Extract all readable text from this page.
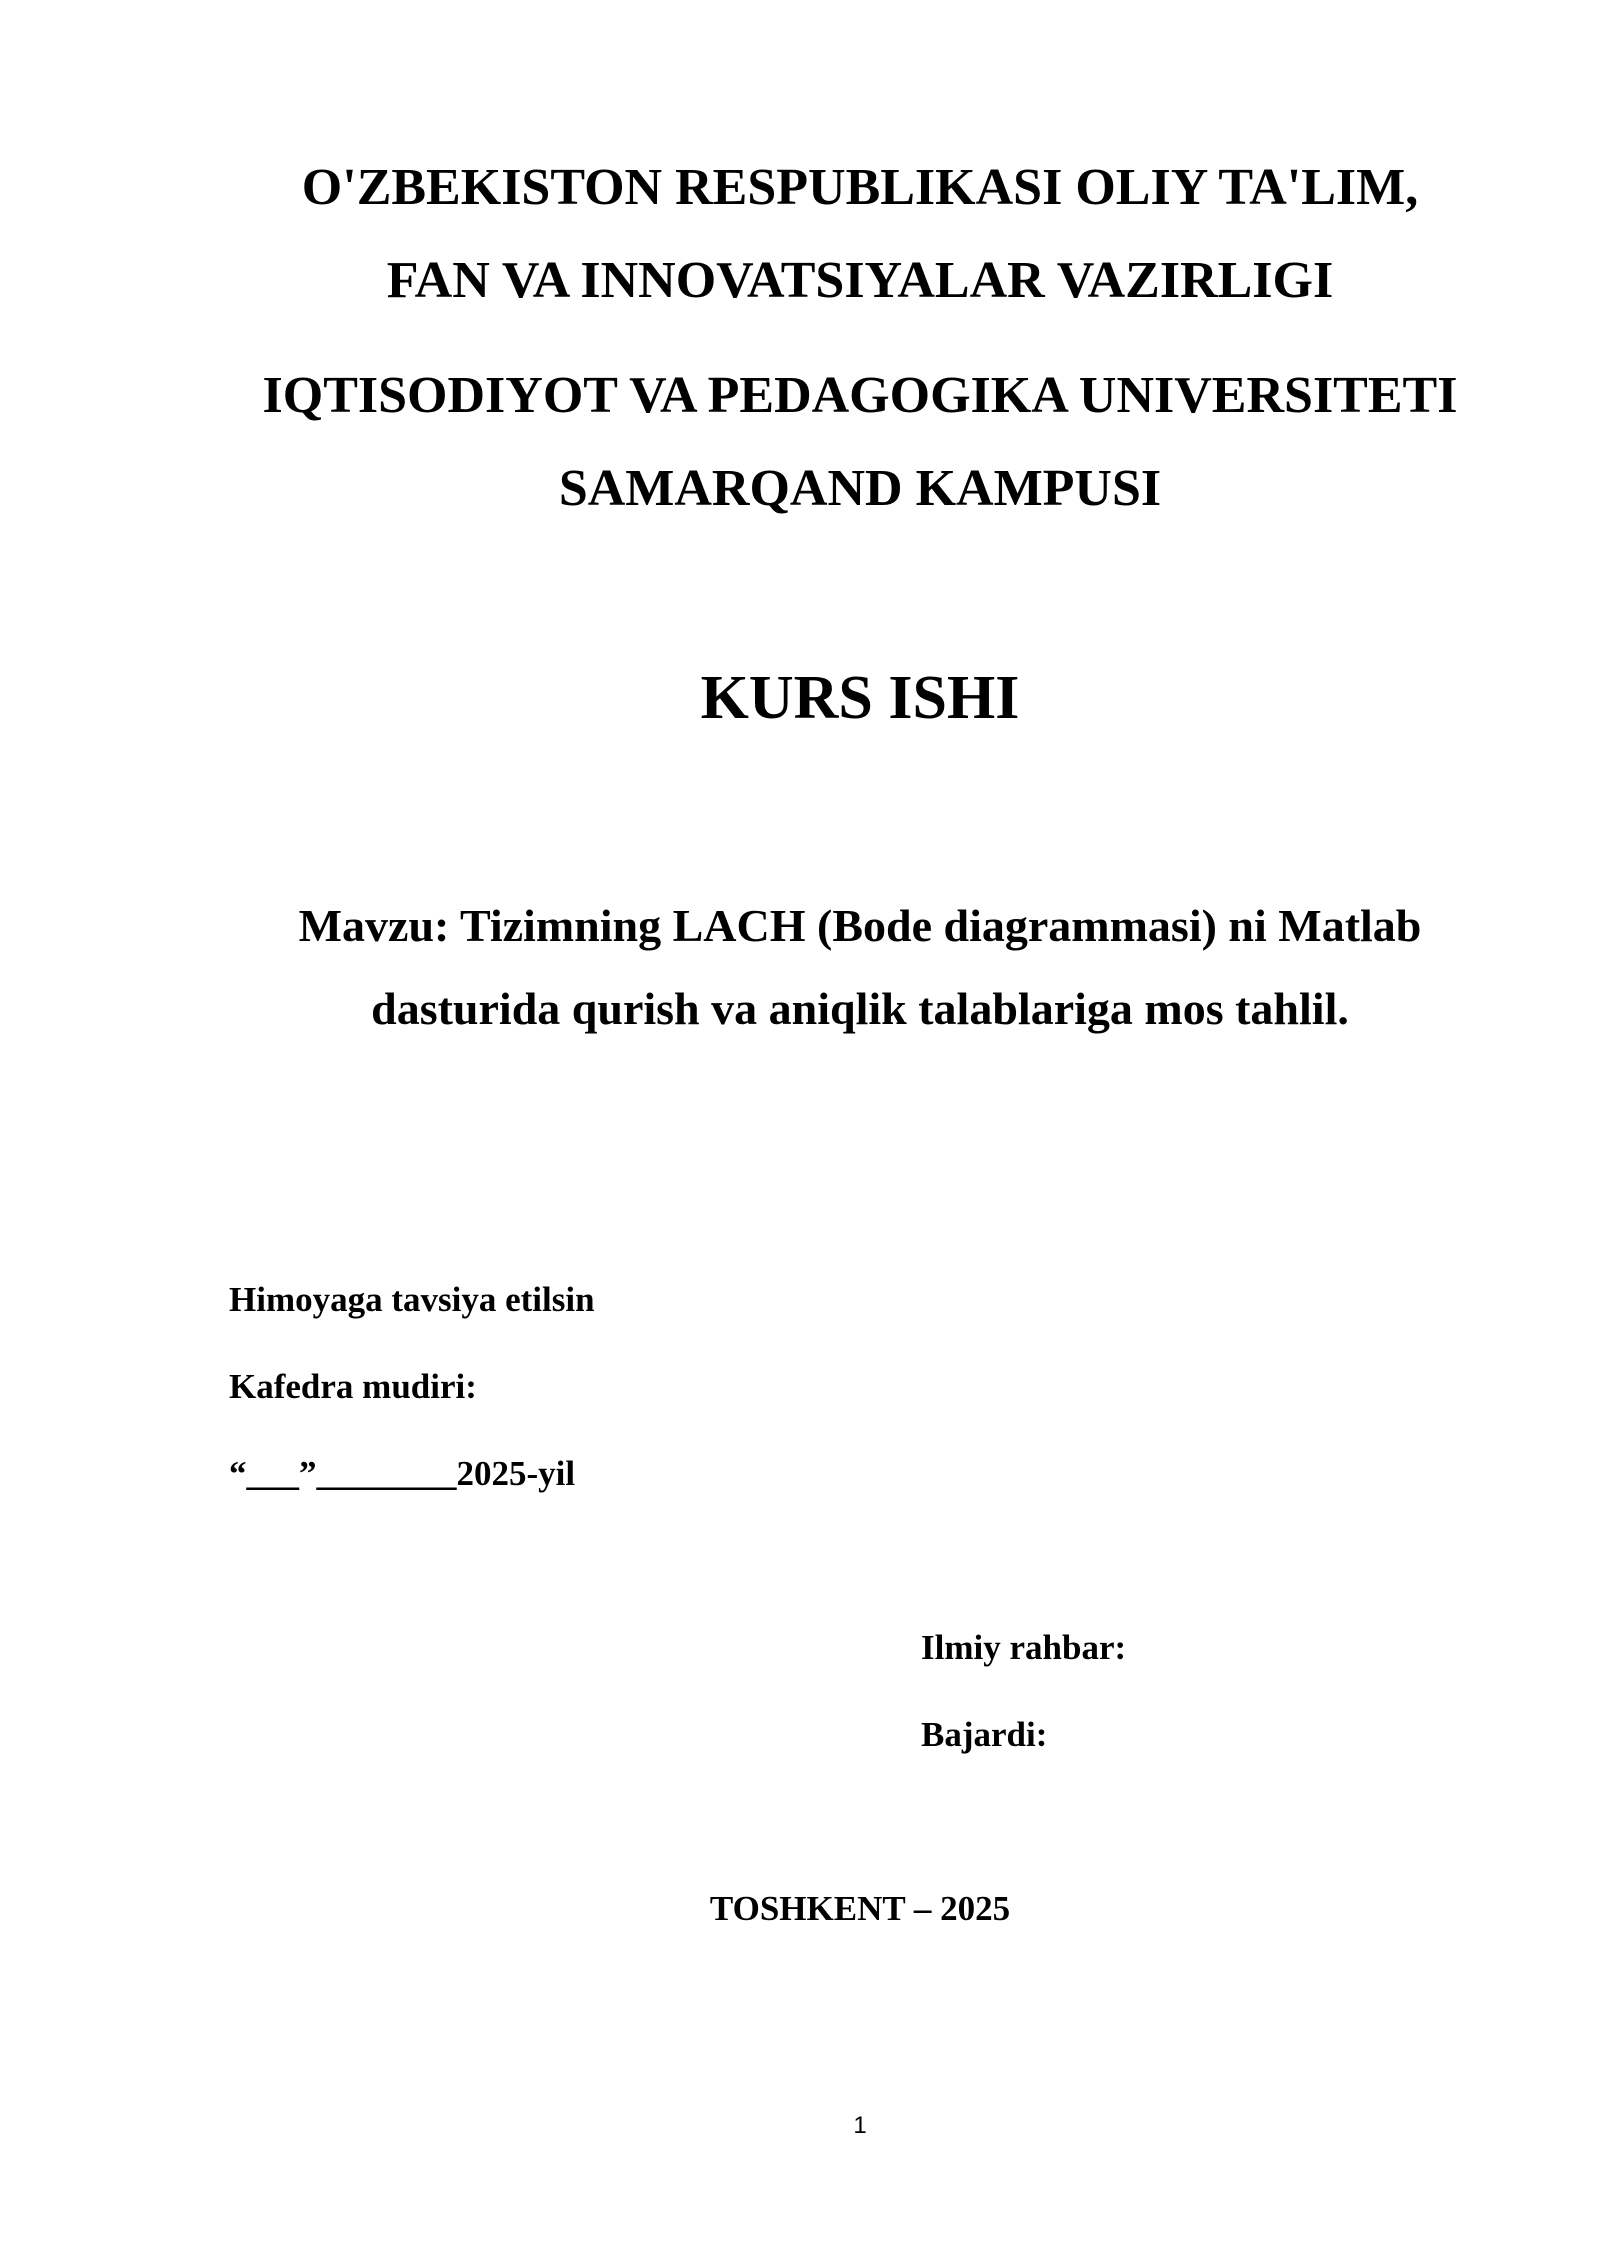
O'ZBEKISTON RESPUBLIKASI OLIY TA'LIM,

FAN VA INNOVATSIYALAR VAZIRLIGI

IQTISODIYOT VA PEDAGOGIKA UNIVERSITETI

SAMARQAND KAMPUSI

KURS ISHI

Mavzu: Tizimning LACH (Bode diagrammasi) ni Matlab

dasturida qurish va aniqlik talablariga mos tahlil.

Himoyaga tavsiya etilsin

Kafedra mudiri:

“___”________2025-yil

Ilmiy rahbar:

Bajardi:

TOSHKENT – 2025

1
